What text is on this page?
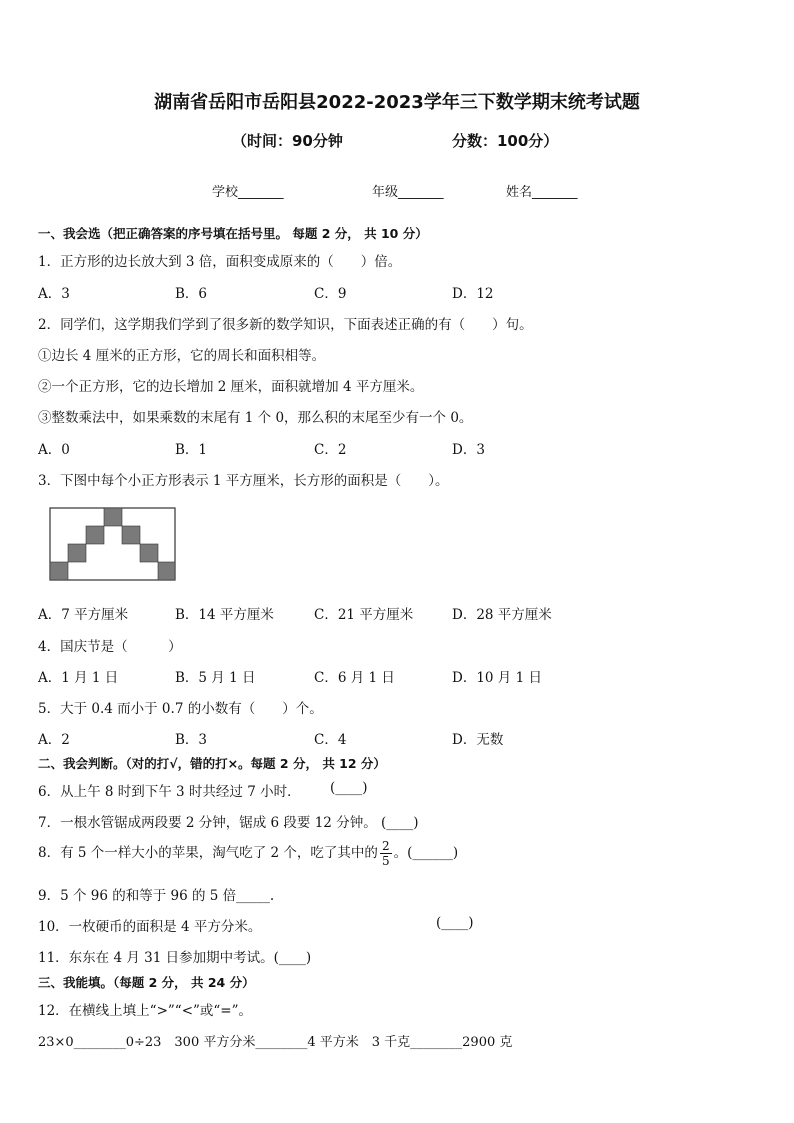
湖南省岳阳市岳阳县2022-2023学年三下数学期末统考试题
（时间：90分钟	分数：100分）
学校_______	年级_______	姓名_______
一、我会选（把正确答案的序号填在括号里。 每题 2 分， 共 10 分）
1．正方形的边长放大到 3 倍，面积变成原来的（　　）倍。
A．3	B．6	C．9	D．12
2．同学们，这学期我们学到了很多新的数学知识，下面表述正确的有（　　）句。
①边长 4 厘米的正方形，它的周长和面积相等。
②一个正方形，它的边长增加 2 厘米，面积就增加 4 平方厘米。
③整数乘法中，如果乘数的末尾有 1 个 0，那么积的末尾至少有一个 0。
A．0	B．1	C．2	D．3
3．下图中每个小正方形表示 1 平方厘米，长方形的面积是（　　）。
A．7 平方厘米	B．14 平方厘米	C．21 平方厘米	D．28 平方厘米
4．国庆节是（　　　）
A．1 月 1 日	B．5 月 1 日	C．6 月 1 日	D．10 月 1 日
5．大于 0.4 而小于 0.7 的小数有（　　）个。
A．2	B．3	C．4	D．无数
二、我会判断。（对的打√，错的打×。每题 2 分， 共 12 分）
6．从上午 8 时到下午 3 时共经过 7 小时． (____)
7．一根水管锯成两段要 2 分钟，锯成 6 段要 12 分钟。 (____)
8．有 5 个一样大小的苹果，淘气吃了 2 个，吃了其中的 $\frac{2}{5}$ 。(______)
9．5 个 96 的和等于 96 的 5 倍_____.
10．一枚硬币的面积是 4 平方分米。	(____)
11．东东在 4 月 31 日参加期中考试。(____)
三、我能填。（每题 2 分， 共 24 分）
12．在横线上填上“>”“<”或“=”。
23×0________0÷23　300 平方分米________4 平方米　3 千克________2900 克
